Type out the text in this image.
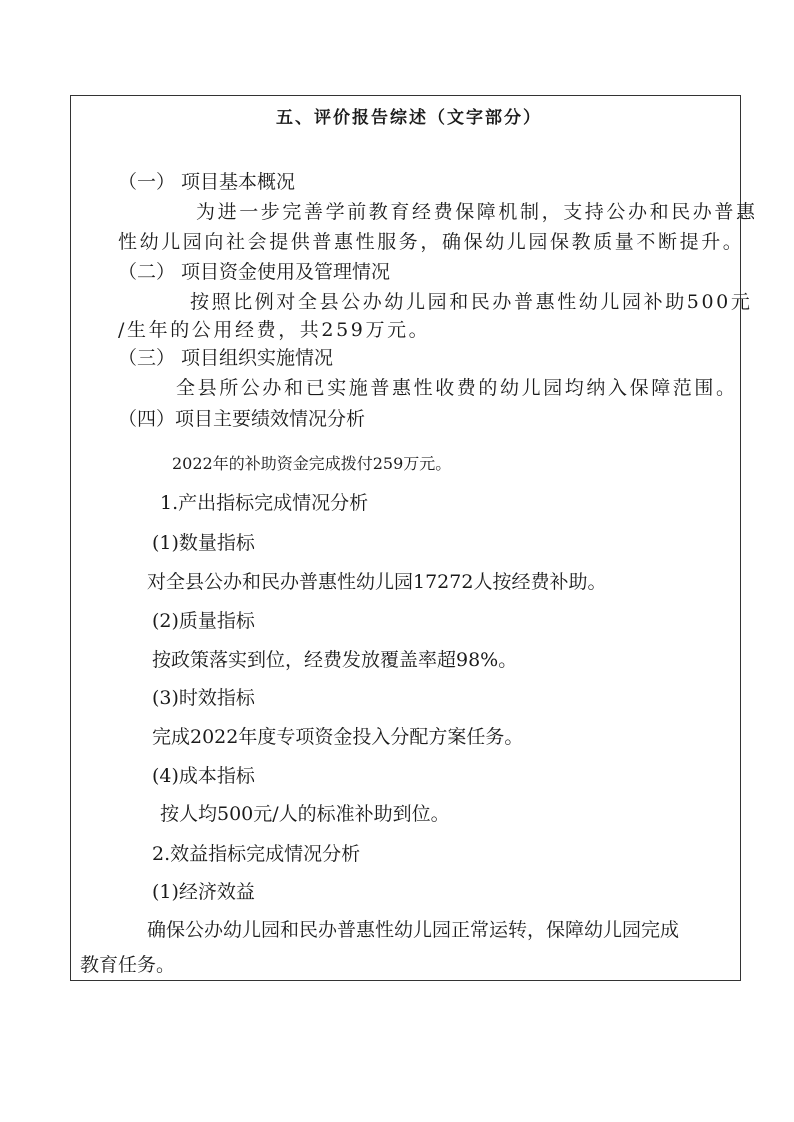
五、评价报告综述（文字部分）
（一） 项目基本概况
为进一步完善学前教育经费保障机制，支持公办和民办普惠
性幼儿园向社会提供普惠性服务，确保幼儿园保教质量不断提升。
（二） 项目资金使用及管理情况
按照比例对全县公办幼儿园和民办普惠性幼儿园补助500元
/生年的公用经费，共259万元。
（三） 项目组织实施情况
全县所公办和已实施普惠性收费的幼儿园均纳入保障范围。
（四）项目主要绩效情况分析
2022年的补助资金完成拨付259万元。
1.产出指标完成情况分析
(1)数量指标
对全县公办和民办普惠性幼儿园17272人按经费补助。
(2)质量指标
按政策落实到位，经费发放覆盖率超98%。
(3)时效指标
完成2022年度专项资金投入分配方案任务。
(4)成本指标
按人均500元/人的标准补助到位。
2.效益指标完成情况分析
(1)经济效益
确保公办幼儿园和民办普惠性幼儿园正常运转，保障幼儿园完成
教育任务。
